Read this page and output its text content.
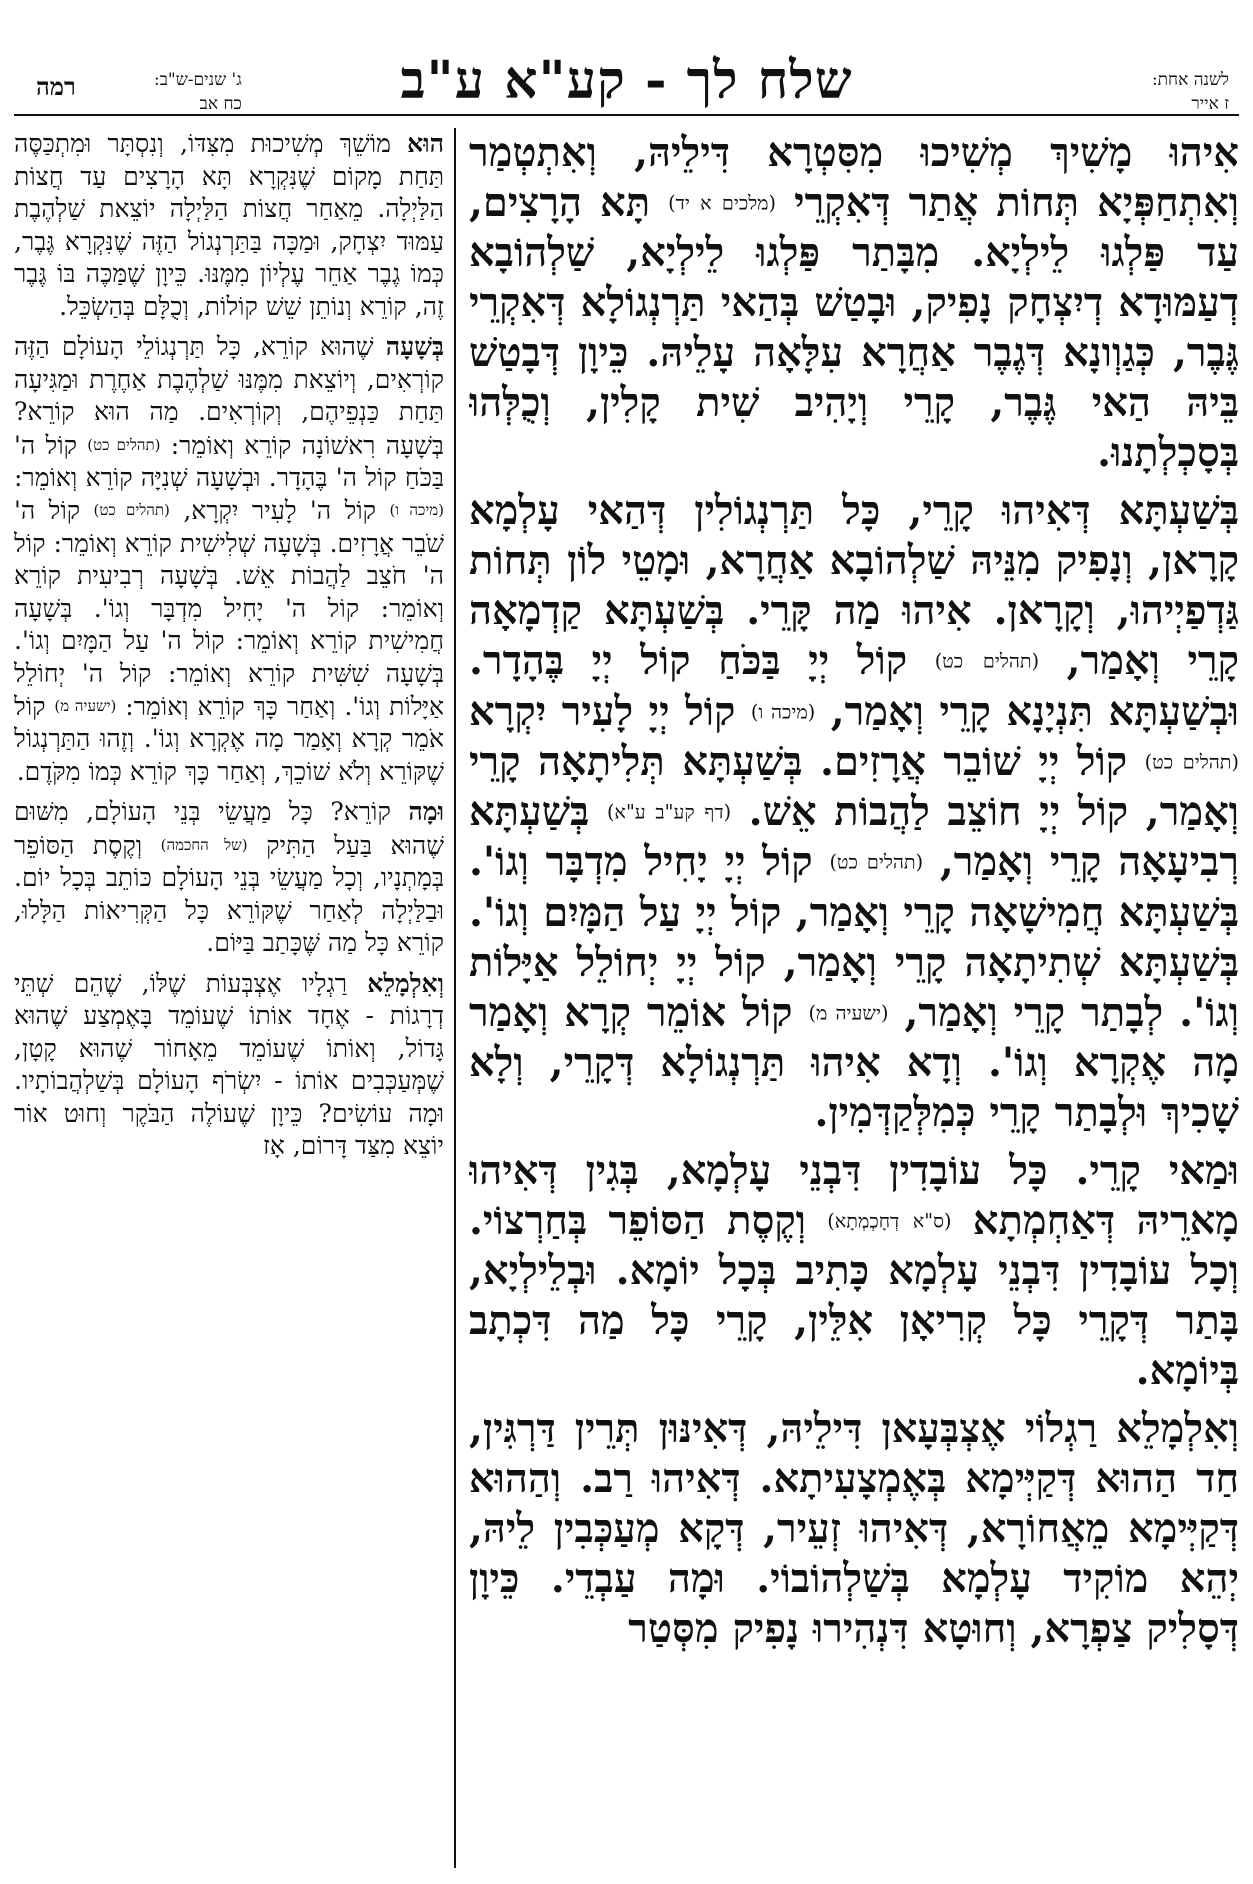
לשנה אחת:
ז אייר
שלח לך - קע"א ע"ב
ג' שנים-ש"ב:
כח אב
רמה

אִיהוּ מָשִׁיךְ מְשִׁיכוּ מִסִּטְרָא דִּילֵיהּ, וְאִתְטְמַר וְאִתְחַפְּיָא תְּחוֹת אֲתַר דְּאִקְרֵי (מלכים א יד) תָּא הָרָצִים, עַד פַּלְגוּ לֵילְיָא. מִבָּתַר פַּלְגוּ לֵילְיָא, שַׁלְהוֹבָא דְעַמּוּדָא דְיִצְחָק נָפִיק, וּבָטַשׁ בְּהַאי תַּרְנְגוֹלָא דְּאִקְרֵי גֶּבֶר, כְּגַוְונָא דְּגֶבֶר אַחֲרָא עִלָּאָה עָלֵיהּ. כֵּיוָן דְּבָטַשׁ בֵּיהּ הַאי גֶּבֶר, קָרֵי וְיָהִיב שִׁית קָלִין, וְכֻלְּהוּ בְּסָכְלְתָנוּ.

בְּשַׁעְתָּא דְּאִיהוּ קָרֵי, כָּל תַּרְנְגוֹלִין דְּהַאי עָלְמָא קָרָאן, וְנָפִיק מִנֵּיהּ שַׁלְהוֹבָא אַחֲרָא, וּמָטֵי לוֹן תְּחוֹת גַּדְפַיְיהוּ, וְקָרָאן. אִיהוּ מַה קָּרֵי. בְּשַׁעְתָּא קַדְמָאָה קָרֵי וְאָמַר, (תהלים כט) קוֹל יְיָ בַּכֹּחַ קוֹל יְיָ בֶּהָדָר. וּבְשַׁעְתָּא תִּנְיָנָא קָרֵי וְאָמַר, (מיכה ו) קוֹל יְיָ לָעִיר יִקְרָא (תהלים כט) קוֹל יְיָ שׁוֹבֵר אֲרָזִים. בְּשַׁעְתָּא תְּלִיתָאָה קָרֵי וְאָמַר, קוֹל יְיָ חוֹצֵב לַהֲבוֹת אֵשׁ. (דף קע"ב ע"א) בְּשַׁעְתָּא רְבִיעָאָה קָרֵי וְאָמַר, (תהלים כט) קוֹל יְיָ יָחִיל מִדְבָּר וְגוֹ'. בְּשַׁעְתָּא חֲמִישָׁאָה קָרֵי וְאָמַר, קוֹל יְיָ עַל הַמָּיִם וְגוֹ'. בְּשַׁעְתָּא שְׁתִיתָאָה קָרֵי וְאָמַר, קוֹל יְיָ יְחוֹלֵל אַיָּלוֹת וְגוֹ'. לְבָתַר קָרֵי וְאָמַר, (ישעיה מ) קוֹל אוֹמֵר קְרָא וְאָמַר מָה אֶקְרָא וְגוֹ'. וְדָא אִיהוּ תַּרְנְגוֹלָא דְּקָרֵי, וְלָא שָׁכִיךְ וּלְבָתַר קָרֵי כְּמִלְּקַדְּמִין.

וּמַאי קָרֵי. כָּל עוֹבָדִין דִּבְנֵי עָלְמָא, בְּגִין דְּאִיהוּ מָארֵיהּ דְּאַחְמְתָא (ס"א דְחָכְמְתָא) וְקֶסֶת הַסּוֹפֵר בְּחַרְצוֹי. וְכָל עוֹבָדִין דִּבְנֵי עָלְמָא כָּתִיב בְּכָל יוֹמָא. וּבְלֵילְיָא, בָּתַר דְּקָרֵי כָּל קְרִיאָן אִלֵּין, קָרֵי כָּל מַה דִּכְתָב בְּיוֹמָא.

וְאִלְמָלֵא רַגְלוֹי אֶצְבְּעָאן דִּילֵיהּ, דְּאִינּוּן תְּרֵין דַּרְגִּין, חַד הַהוּא דְּקַיְּימָא בְּאֶמְצָעִיתָא. דְּאִיהוּ רַב. וְהַהוּא דְּקַיְּימָא מֵאֲחוֹרָא, דְּאִיהוּ זְעֵיר, דְּקָא מְעַכְּבִין לֵיהּ, יְהֵא מוֹקִיד עָלְמָא בְּשַׁלְהוֹבוֹי. וּמָה עַבְדֵי. כֵּיוָן דְּסָלִיק צַפְרָא, וְחוּטָא דִּנְהִירוּ נָפִיק מִסְּטַר

הוּא מוֹשֵׁךְ מְשִׁיכוּת מִצִּדּוֹ, וְנִסְתָּר וּמִתְכַּסֶּה תַּחַת מָקוֹם שֶׁנִּקְרָא תָּא הָרָצִים עַד חֲצוֹת הַלַּיְלָה. מֵאַחַר חֲצוֹת הַלַּיְלָה יוֹצֵאת שַׁלְהֶבֶת עַמּוּד יִצְחָק, וּמַכָּה בַּתַּרְנְגוֹל הַזֶּה שֶׁנִּקְרָא גֶּבֶר, כְּמוֹ גֶבֶר אַחֵר עֶלְיוֹן מִמֶּנּוּ. כֵּיוָן שֶׁמַּכֶּה בּוֹ גֶּבֶר זֶה, קוֹרֵא וְנוֹתֵן שֵׁשׁ קוֹלוֹת, וְכֻלָּם בְּהַשְׂכֵּל.

בְּשָׁעָה שֶׁהוּא קוֹרֵא, כָּל תַּרְנְגוֹלֵי הָעוֹלָם הַזֶּה קוֹרְאִים, וְיוֹצֵאת מִמֶּנּוּ שַׁלְהֶבֶת אַחֶרֶת וּמַגִּיעָה תַּחַת כַּנְפֵיהֶם, וְקוֹרְאִים. מַה הוּא קוֹרֵא? בְּשָׁעָה רִאשׁוֹנָה קוֹרֵא וְאוֹמֵר: (תהלים כט) קוֹל ה' בַּכֹּחַ קוֹל ה' בֶּהָדָר. וּבְשָׁעָה שְׁנִיָּה קוֹרֵא וְאוֹמֵר: (מיכה ו) קוֹל ה' לָעִיר יִקְרָא, (תהלים כט) קוֹל ה' שֹׁבֵר אֲרָזִים. בְּשָׁעָה שְׁלִישִׁית קוֹרֵא וְאוֹמֵר: קוֹל ה' חֹצֵב לַהֲבוֹת אֵשׁ. בְּשָׁעָה רְבִיעִית קוֹרֵא וְאוֹמֵר: קוֹל ה' יָחִיל מִדְבָּר וְגוֹ'. בְּשָׁעָה חֲמִישִׁית קוֹרֵא וְאוֹמֵר: קוֹל ה' עַל הַמָּיִם וְגוֹ'. בְּשָׁעָה שִׁשִּׁית קוֹרֵא וְאוֹמֵר: קוֹל ה' יְחוֹלֵל אַיָּלוֹת וְגוֹ'. וְאַחַר כָּךְ קוֹרֵא וְאוֹמֵר: (ישעיה מ) קוֹל אֹמֵר קְרָא וְאָמַר מָה אֶקְרָא וְגוֹ'. וְזֶהוּ הַתַּרְנְגוֹל שֶׁקּוֹרֵא וְלֹא שׁוֹכֵךְ, וְאַחַר כָּךְ קוֹרֵא כְּמוֹ מִקֹּדֶם.

וּמָה קוֹרֵא? כָּל מַעֲשֵׂי בְּנֵי הָעוֹלָם, מִשּׁוּם שֶׁהוּא בַּעַל הַתִּיק (של החכמה) וְקֶסֶת הַסּוֹפֵר בְּמָתְנָיו, וְכָל מַעֲשֵׂי בְּנֵי הָעוֹלָם כּוֹתֵב בְּכָל יוֹם. וּבַלַּיְלָה לְאַחַר שֶׁקּוֹרֵא כָּל הַקְּרִיאוֹת הַלָּלוּ, קוֹרֵא כָּל מַה שֶּׁכָּתַב בַּיּוֹם.

וְאִלְמָלֵא רַגְלָיו אֶצְבְּעוֹת שֶׁלּוֹ, שֶׁהֵם שְׁתֵּי דְרָגוֹת - אֶחָד אוֹתוֹ שֶׁעוֹמֵד בָּאֶמְצַע שֶׁהוּא גָּדוֹל, וְאוֹתוֹ שֶׁעוֹמֵד מֵאָחוֹר שֶׁהוּא קָטָן, שֶׁמְּעַכְּבִים אוֹתוֹ - יִשְׂרֹף הָעוֹלָם בְּשַׁלְהֲבוֹתָיו. וּמָה עוֹשִׂים? כֵּיוָן שֶׁעוֹלֶה הַבֹּקֶר וְחוּט אוֹר יוֹצֵא מִצַּד דָּרוֹם, אָז
